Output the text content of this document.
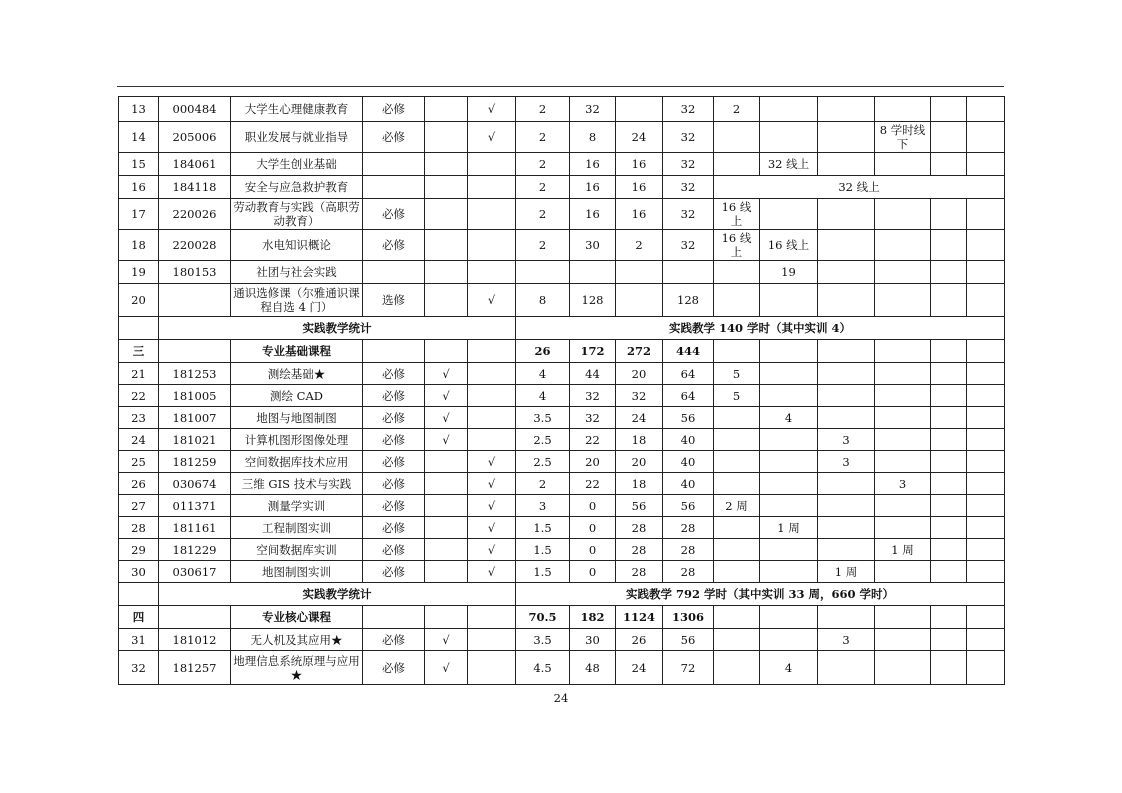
13	000484	大学生心理健康教育	必修		√	2	32		32	2					
14	205006	职业发展与就业指导	必修		√	2	8	24	32				8 学时线下		
15	184061	大学生创业基础				2	16	16	32		32 线上				
16	184118	安全与应急救护教育				2	16	16	32	32 线上					
17	220026	劳动教育与实践（高职劳动教育）	必修			2	16	16	32	16 线上					
18	220028	水电知识概论	必修			2	30	2	32	16 线上	16 线上				
19	180153	社团与社会实践									19				
20		通识选修课（尔雅通识课程自选 4 门）	选修		√	8	128		128						
	实践教学统计					实践教学 140 学时（其中实训 4）									
三		专业基础课程				26	172	272	444						
21	181253	测绘基础★	必修	√		4	44	20	64	5					
22	181005	测绘 CAD	必修	√		4	32	32	64	5					
23	181007	地图与地图制图	必修	√		3.5	32	24	56		4				
24	181021	计算机图形图像处理	必修	√		2.5	22	18	40			3			
25	181259	空间数据库技术应用	必修		√	2.5	20	20	40			3			
26	030674	三维 GIS 技术与实践	必修		√	2	22	18	40				3		
27	011371	测量学实训	必修		√	3	0	56	56	2 周					
28	181161	工程制图实训	必修		√	1.5	0	28	28		1 周				
29	181229	空间数据库实训	必修		√	1.5	0	28	28				1 周		
30	030617	地图制图实训	必修		√	1.5	0	28	28			1 周			
	实践教学统计					实践教学 792 学时（其中实训 33 周，660 学时）									
四		专业核心课程				70.5	182	1124	1306						
31	181012	无人机及其应用★	必修	√		3.5	30	26	56			3			
32	181257	地理信息系统原理与应用★	必修	√		4.5	48	24	72		4				
24
